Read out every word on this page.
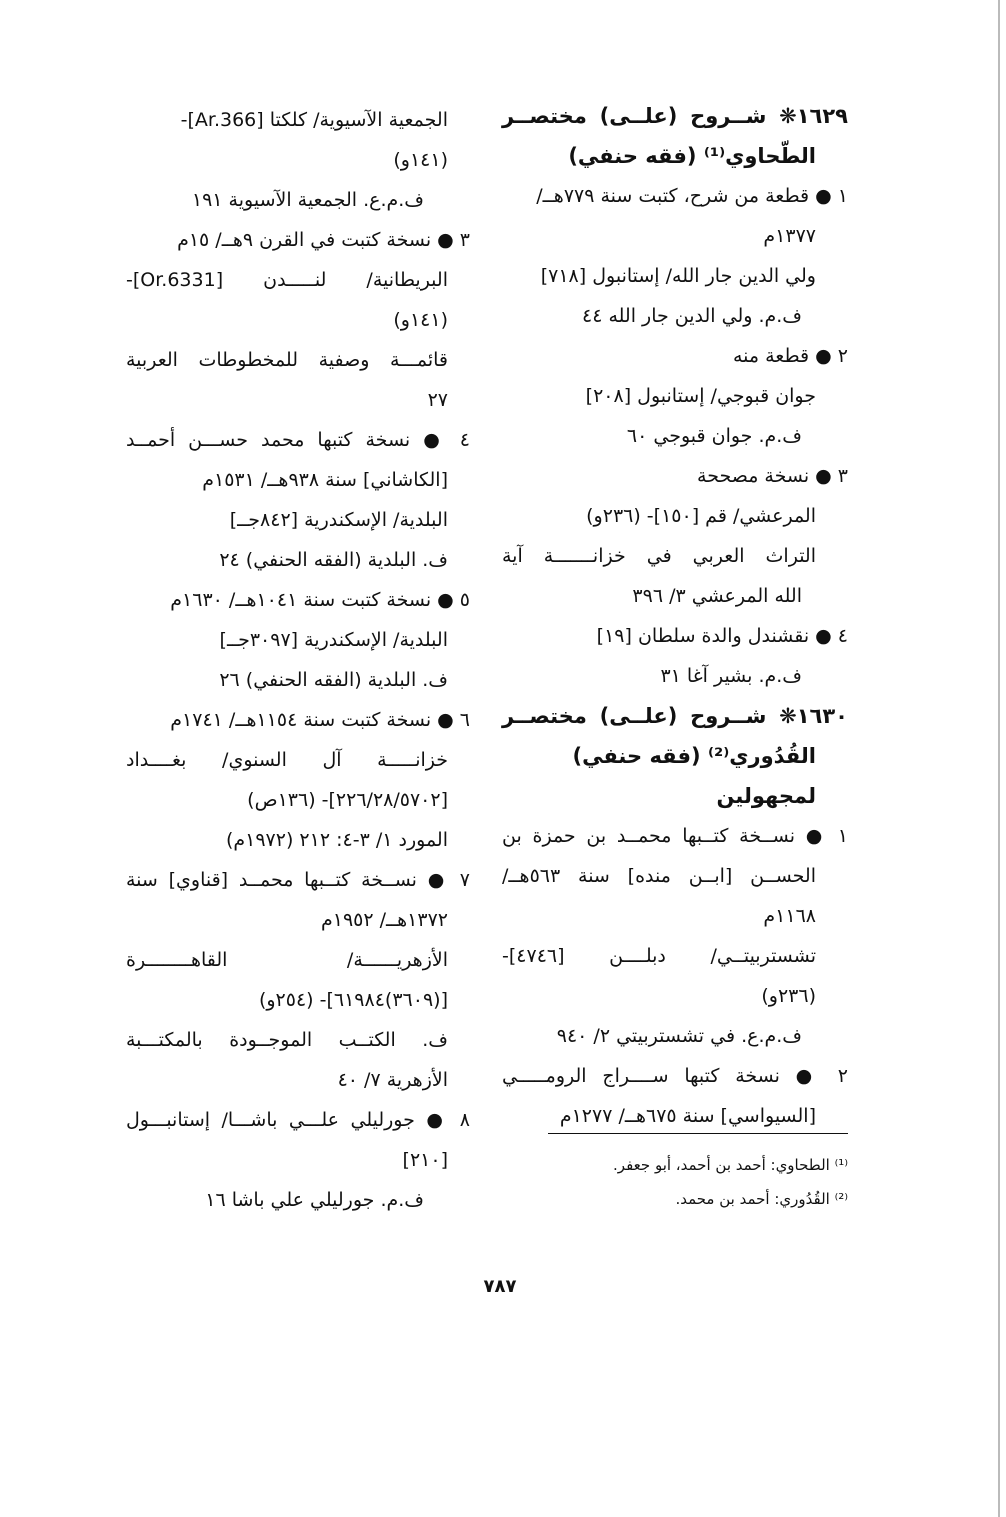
١٦٢٩❋ شــروح (علــى) مختصــر
الطّحاوي⁽¹⁾ (فقه حنفي)
١ ● قطعة من شرح، كتبت سنة ٧٧٩هــ/
١٣٧٧م
ولي الدين جار الله/ إستانبول [٧١٨]
ف.م. ولي الدين جار الله ٤٤
٢ ● قطعة منه
جوان قبوجي/ إستانبول [٢٠٨]
ف.م. جوان قبوجي ٦٠
٣ ● نسخة مصححة
المرعشي/ قم [١٥٠]- (٢٣٦و)
التراث العربي في خزانـــــــة آية
الله المرعشي ٣/ ٣٩٦
٤ ● نقشندل والدة سلطان [١٩]
ف.م. بشير آغا ٣١
١٦٣٠❋ شــروح (علــى) مختصــر
القُدُوري⁽²⁾ (فقه حنفي)
لمجهولين
١ ● نســخة كتــبها محمــد بن حمزة بن
الحســن [ابــن منده] سنة ٥٦٣هــ/
١١٦٨م
تشستربيتــي/ دبلــــن [٤٧٤٦]-
(٢٣٦و)
ف.م.ع. في تشستربيتي ٢/ ٩٤٠
٢ ● نسخة كتبها ســــراج الرومـــــي
[السيواسي] سنة ٦٧٥هــ/ ١٢٧٧م
الجمعية الآسيوية/ كلكتا [Ar.366]-
(١٤١و)
ف.م.ع. الجمعية الآسيوية ١٩١
٣ ● نسخة كتبت في القرن ٩هــ/ ١٥م
البريطانية/ لنـــــدن [Or.6331]-
(١٤١و)
قائمـــة وصفية للمخطوطات العربية
٢٧
٤ ● نسخة كتبها محمد حســـن أحمــد
[الكاشاني] سنة ٩٣٨هــ/ ١٥٣١م
البلدية/ الإسكندرية [٨٤٢جــ]
ف. البلدية (الفقه الحنفي) ٢٤
٥ ● نسخة كتبت سنة ١٠٤١هــ/ ١٦٣٠م
البلدية/ الإسكندرية [٣٠٩٧جــ]
ف. البلدية (الفقه الحنفي) ٢٦
٦ ● نسخة كتبت سنة ١١٥٤هــ/ ١٧٤١م
خزانـــــة آل السنوي/ بغــــداد
[٢٢٦/٢٨/٥٧٠٢]- (١٣٦ص)
المورد ١/ ٣-٤: ٢١٢ (١٩٧٢م)
٧ ● نســخة كتــبها محمــد [قناوي] سنة
١٣٧٢هــ/ ١٩٥٢م
الأزهريــــــة/ القاهــــــــرة
[(٣٦٠٩)٦١٩٨٤]- (٢٥٤و)
ف. الكتــب الموجــودة بالمكتـــبة
الأزهرية ٧/ ٤٠
٨ ● جورليلي علـــي باشـــا/ إستانبـــول
[٢١٠]
ف.م. جورليلي علي باشا ١٦
⁽¹⁾ الطحاوي: أحمد بن أحمد، أبو جعفر.
⁽²⁾ القُدُوري: أحمد بن محمد.
٧٨٧
